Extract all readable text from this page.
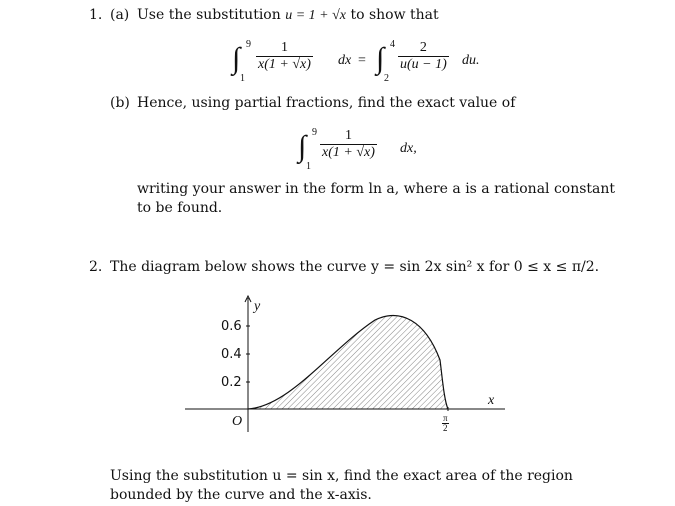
1. (a) Use the substitution u = 1 + √x to show that
∫ 9
1
$\frac{1}{x(1 + √x)}$ dx = ∫ 4
2
$\frac{2}{u(u - 1)}$ du.
(b) Hence, using partial fractions, find the exact value of
∫ 9
1
$\frac{1}{x(1 + √x)}$ dx,
writing your answer in the form ln a, where a is a rational constant
to be found.
2. The diagram below shows the curve y = sin 2x sin² x for 0 ≤ x ≤ π/2.
y
x
O
0.6
0.4
0.2
$\frac{\pi}{2}$
Using the substitution u = sin x, find the exact area of the region
bounded by the curve and the x-axis.
